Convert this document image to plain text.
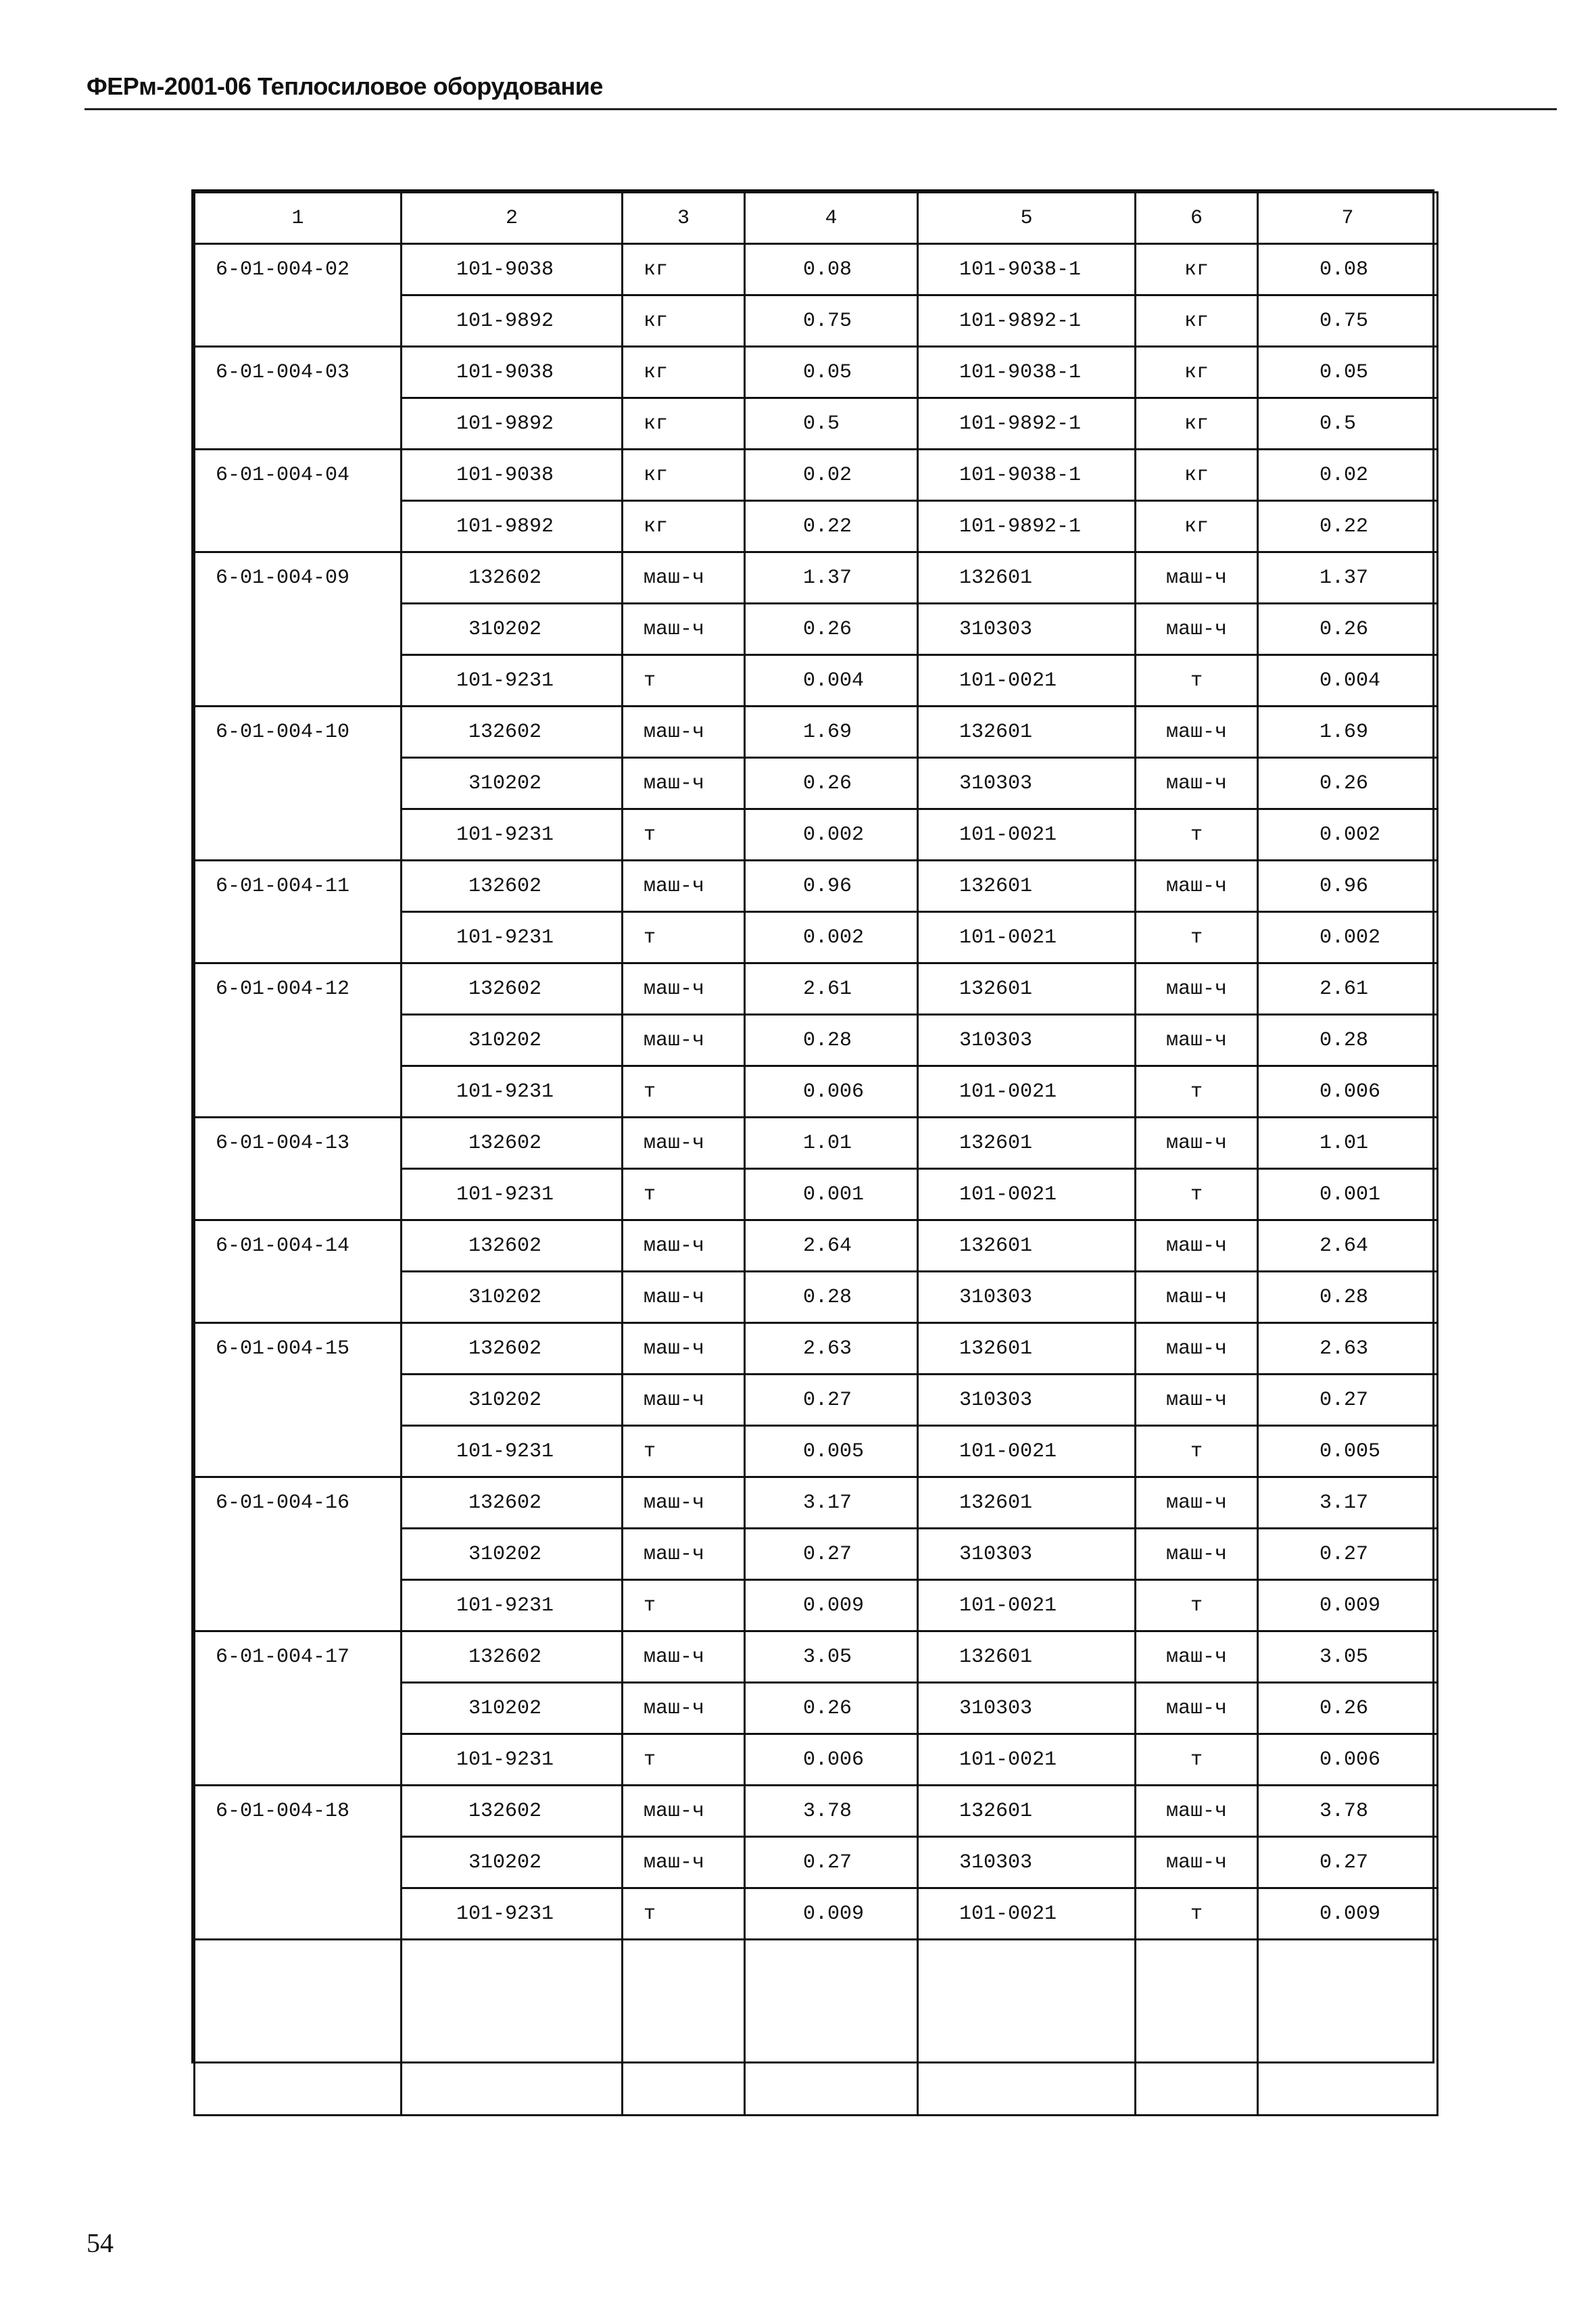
ФЕРм-2001-06 Теплосиловое оборудование
1	2	3	4	5	6	7
6-01-004-02	101-9038	кг	0.08	101-9038-1	кг	0.08
	101-9892	кг	0.75	101-9892-1	кг	0.75
6-01-004-03	101-9038	кг	0.05	101-9038-1	кг	0.05
	101-9892	кг	0.5	101-9892-1	кг	0.5
6-01-004-04	101-9038	кг	0.02	101-9038-1	кг	0.02
	101-9892	кг	0.22	101-9892-1	кг	0.22
6-01-004-09	132602	маш-ч	1.37	132601	маш-ч	1.37
	310202	маш-ч	0.26	310303	маш-ч	0.26
	101-9231	т	0.004	101-0021	т	0.004
6-01-004-10	132602	маш-ч	1.69	132601	маш-ч	1.69
	310202	маш-ч	0.26	310303	маш-ч	0.26
	101-9231	т	0.002	101-0021	т	0.002
6-01-004-11	132602	маш-ч	0.96	132601	маш-ч	0.96
	101-9231	т	0.002	101-0021	т	0.002
6-01-004-12	132602	маш-ч	2.61	132601	маш-ч	2.61
	310202	маш-ч	0.28	310303	маш-ч	0.28
	101-9231	т	0.006	101-0021	т	0.006
6-01-004-13	132602	маш-ч	1.01	132601	маш-ч	1.01
	101-9231	т	0.001	101-0021	т	0.001
6-01-004-14	132602	маш-ч	2.64	132601	маш-ч	2.64
	310202	маш-ч	0.28	310303	маш-ч	0.28
6-01-004-15	132602	маш-ч	2.63	132601	маш-ч	2.63
	310202	маш-ч	0.27	310303	маш-ч	0.27
	101-9231	т	0.005	101-0021	т	0.005
6-01-004-16	132602	маш-ч	3.17	132601	маш-ч	3.17
	310202	маш-ч	0.27	310303	маш-ч	0.27
	101-9231	т	0.009	101-0021	т	0.009
6-01-004-17	132602	маш-ч	3.05	132601	маш-ч	3.05
	310202	маш-ч	0.26	310303	маш-ч	0.26
	101-9231	т	0.006	101-0021	т	0.006
6-01-004-18	132602	маш-ч	3.78	132601	маш-ч	3.78
	310202	маш-ч	0.27	310303	маш-ч	0.27
	101-9231	т	0.009	101-0021	т	0.009

54
